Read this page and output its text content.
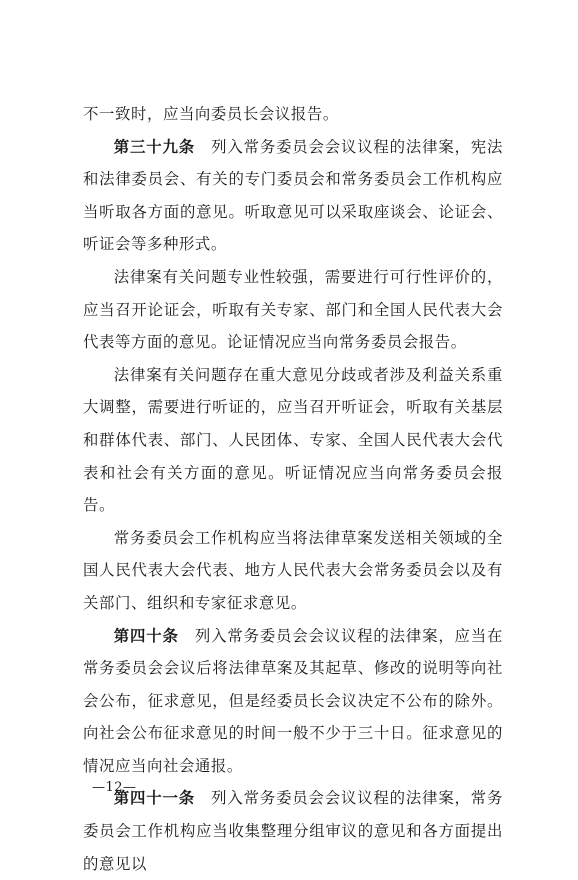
不一致时，应当向委员长会议报告。

第三十九条　列入常务委员会会议议程的法律案，宪法和法律委员会、有关的专门委员会和常务委员会工作机构应当听取各方面的意见。听取意见可以采取座谈会、论证会、听证会等多种形式。

法律案有关问题专业性较强，需要进行可行性评价的，应当召开论证会，听取有关专家、部门和全国人民代表大会代表等方面的意见。论证情况应当向常务委员会报告。

法律案有关问题存在重大意见分歧或者涉及利益关系重大调整，需要进行听证的，应当召开听证会，听取有关基层和群体代表、部门、人民团体、专家、全国人民代表大会代表和社会有关方面的意见。听证情况应当向常务委员会报告。

常务委员会工作机构应当将法律草案发送相关领域的全国人民代表大会代表、地方人民代表大会常务委员会以及有关部门、组织和专家征求意见。

第四十条　列入常务委员会会议议程的法律案，应当在常务委员会会议后将法律草案及其起草、修改的说明等向社会公布，征求意见，但是经委员长会议决定不公布的除外。向社会公布征求意见的时间一般不少于三十日。征求意见的情况应当向社会通报。

第四十一条　列入常务委员会会议议程的法律案，常务委员会工作机构应当收集整理分组审议的意见和各方面提出的意见以

—12—
